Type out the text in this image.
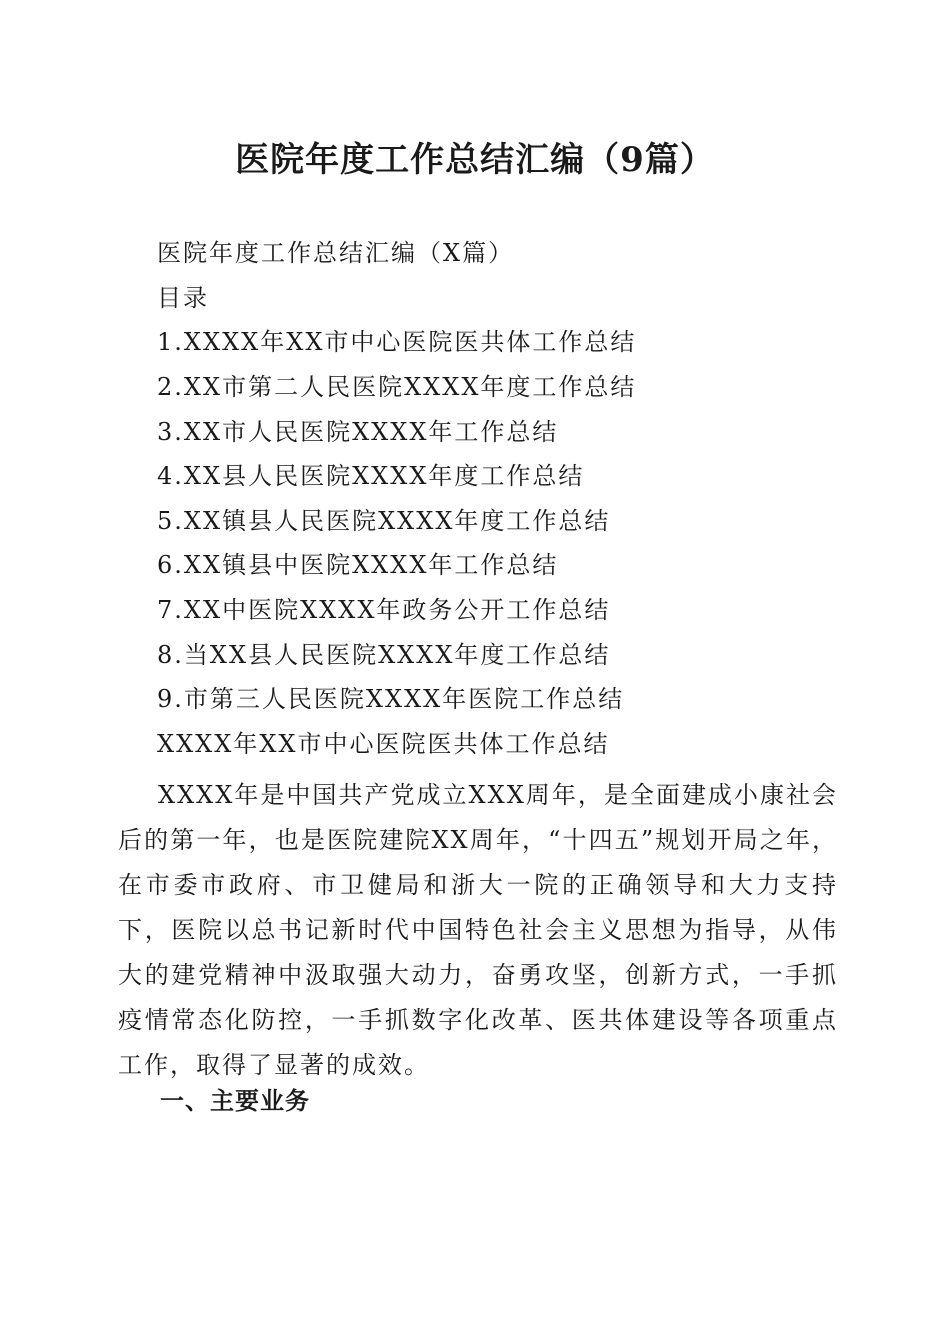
医院年度工作总结汇编（9篇）
医院年度工作总结汇编（X篇）
目录
1.XXXX年XX市中心医院医共体工作总结
2.XX市第二人民医院XXXX年度工作总结
3.XX市人民医院XXXX年工作总结
4.XX县人民医院XXXX年度工作总结
5.XX镇县人民医院XXXX年度工作总结
6.XX镇县中医院XXXX年工作总结
7.XX中医院XXXX年政务公开工作总结
8.当XX县人民医院XXXX年度工作总结
9.市第三人民医院XXXX年医院工作总结
XXXX年XX市中心医院医共体工作总结
XXXX年是中国共产党成立XXX周年，是全面建成小康社会后的第一年，也是医院建院XX周年，“十四五”规划开局之年，在市委市政府、市卫健局和浙大一院的正确领导和大力支持下，医院以总书记新时代中国特色社会主义思想为指导，从伟大的建党精神中汲取强大动力，奋勇攻坚，创新方式，一手抓疫情常态化防控，一手抓数字化改革、医共体建设等各项重点工作，取得了显著的成效。
一、主要业务
